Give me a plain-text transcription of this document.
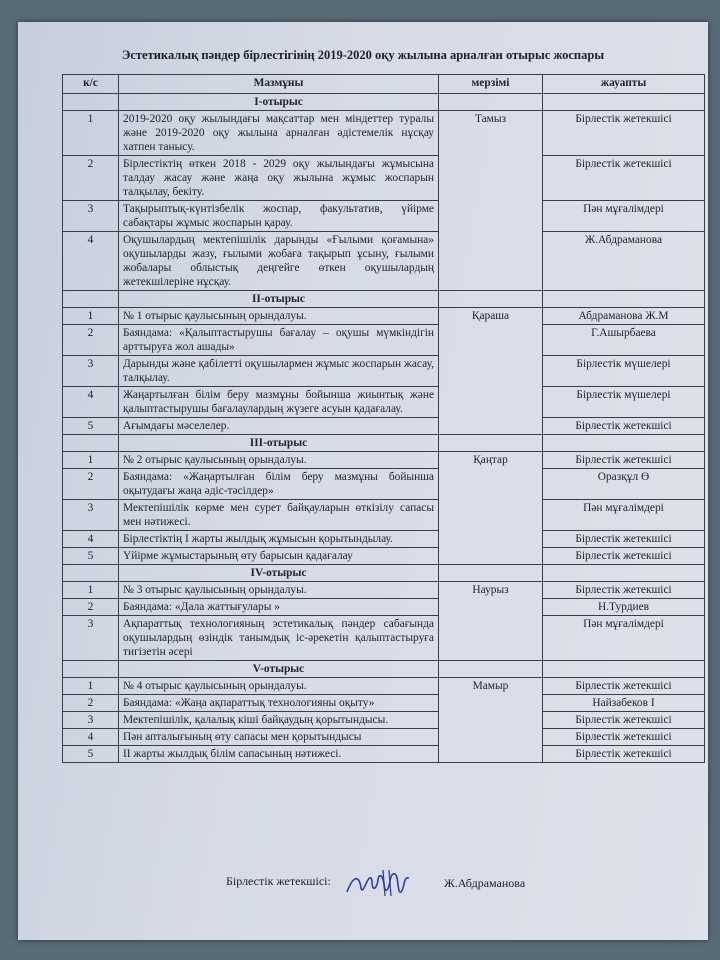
Эстетикалық пәндер бірлестігінің 2019-2020 оқу жылына арналған отырыс жоспары
к/с	Мазмұны	мерзімі	жауапты
	I-отырыс		
1	2019-2020 оқу жылындағы мақсаттар мен міндеттер туралы және 2019-2020 оқу жылына арналған әдістемелік нұсқау хатпен танысу.	Тамыз	Бірлестік жетекшісі
2	Бірлестіктің өткен 2018 - 2029 оқу жылындағы жұмысына талдау жасау және жаңа оқу жылына жұмыс жоспарын талқылау, бекіту.		Бірлестік жетекшісі
3	Тақырыптық-күнтізбелік жоспар, факультатив, үйірме сабақтары жұмыс жоспарын қарау.		Пән мұғалімдері
4	Оқушылардың мектепішілік дарынды «Ғылыми қоғамына» оқушыларды жазу, ғылыми жобаға тақырып ұсыну, ғылыми жобалары облыстық деңгейге өткен оқушылардың жетекшілеріне нұсқау.		Ж.Абдраманова
	II-отырыс		
1	№ 1 отырыс қаулысының орындалуы.	Қараша	Абдраманова Ж.М
2	Баяндама: «Қалыптастырушы бағалау – оқушы мүмкіндігін арттыруға жол ашады»		Г.Ашырбаева
3	Дарынды және қабілетті оқушылармен жұмыс жоспарын жасау, талқылау.		Бірлестік мүшелері
4	Жаңартылған білім беру мазмұны бойынша жиынтық және қалыптастырушы бағалаулардың жүзеге асуын қадағалау.		Бірлестік мүшелері
5	Ағымдағы мәселелер.		Бірлестік жетекшісі
	III-отырыс		
1	№ 2 отырыс қаулысының орындалуы.	Қаңтар	Бірлестік жетекшісі
2	Баяндама: «Жаңартылған білім беру мазмұны бойынша оқытудағы жаңа әдіс-тәсілдер»		Оразқұл Ө
3	Мектепішілік көрме мен сурет байқауларын өткізілу сапасы мен нәтижесі.		Пән мұғалімдері
4	Бірлестіктің І жарты жылдық жұмысын қорытындылау.		Бірлестік жетекшісі
5	Үйірме жұмыстарының өту барысын қадағалау		Бірлестік жетекшісі
	IV-отырыс		
1	№ 3 отырыс қаулысының орындалуы.	Наурыз	Бірлестік жетекшісі
2	Баяндама: «Дала жаттығулары »		Н.Турдиев
3	Ақпараттық технологияның эстетикалық пәндер сабағында оқушылардың өзіндік танымдық іс-әрекетін қалыптастыруға тигізетін әсері		Пән мұғалімдері
	V-отырыс		
1	№ 4 отырыс қаулысының орындалуы.	Мамыр	Бірлестік жетекшісі
2	Баяндама: «Жаңа ақпараттық технологияны оқыту»		Найзабеков І
3	Мектепішілік, қалалық кіші байқаудың қорытындысы.		Бірлестік жетекшісі
4	Пән апталығының өту сапасы мен қорытындысы		Бірлестік жетекшісі
5	ІІ жарты жылдық білім сапасының нәтижесі.		Бірлестік жетекшісі
Бірлестік жетекшісі:	Ж.Абдраманова
